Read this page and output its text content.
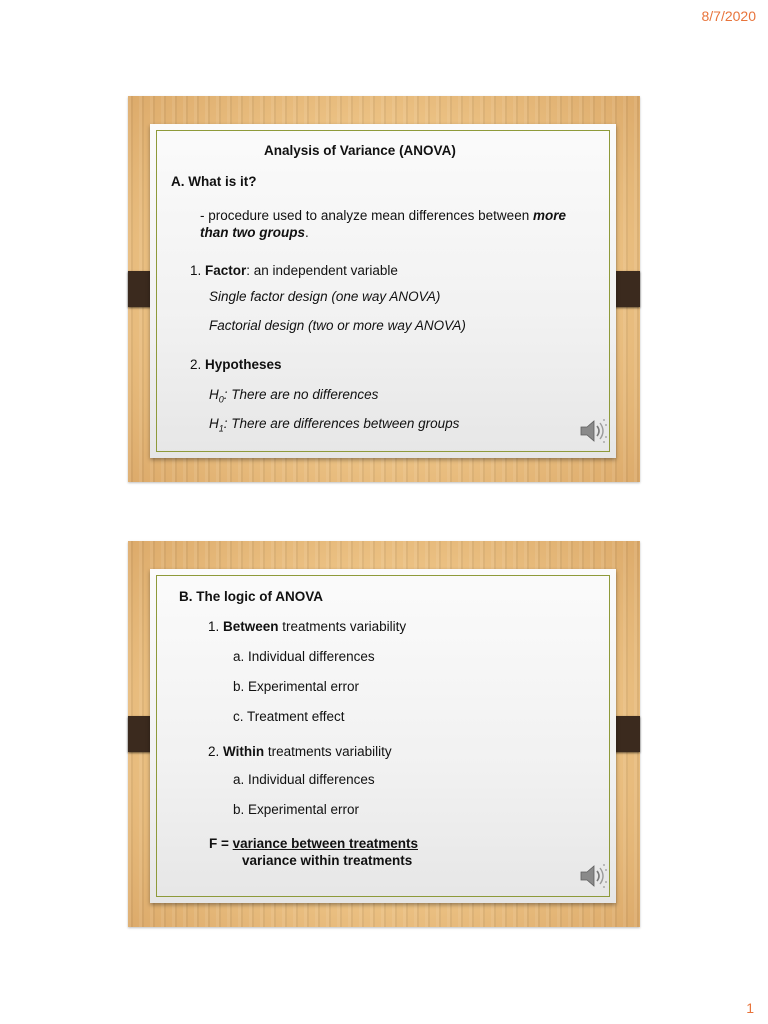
8/7/2020
Analysis of Variance (ANOVA)
A. What is it?
- procedure used to analyze mean differences between more
than two groups.
1. Factor: an independent variable
Single factor design (one way ANOVA)
Factorial design (two or more way ANOVA)
2. Hypotheses
$H_0$: There are no differences
$H_1$: There are differences between groups
B. The logic of ANOVA
1. Between treatments variability
a. Individual differences
b. Experimental error
c. Treatment effect
2. Within treatments variability
a. Individual differences
b. Experimental error
F = variance between treatments
variance within treatments
1
